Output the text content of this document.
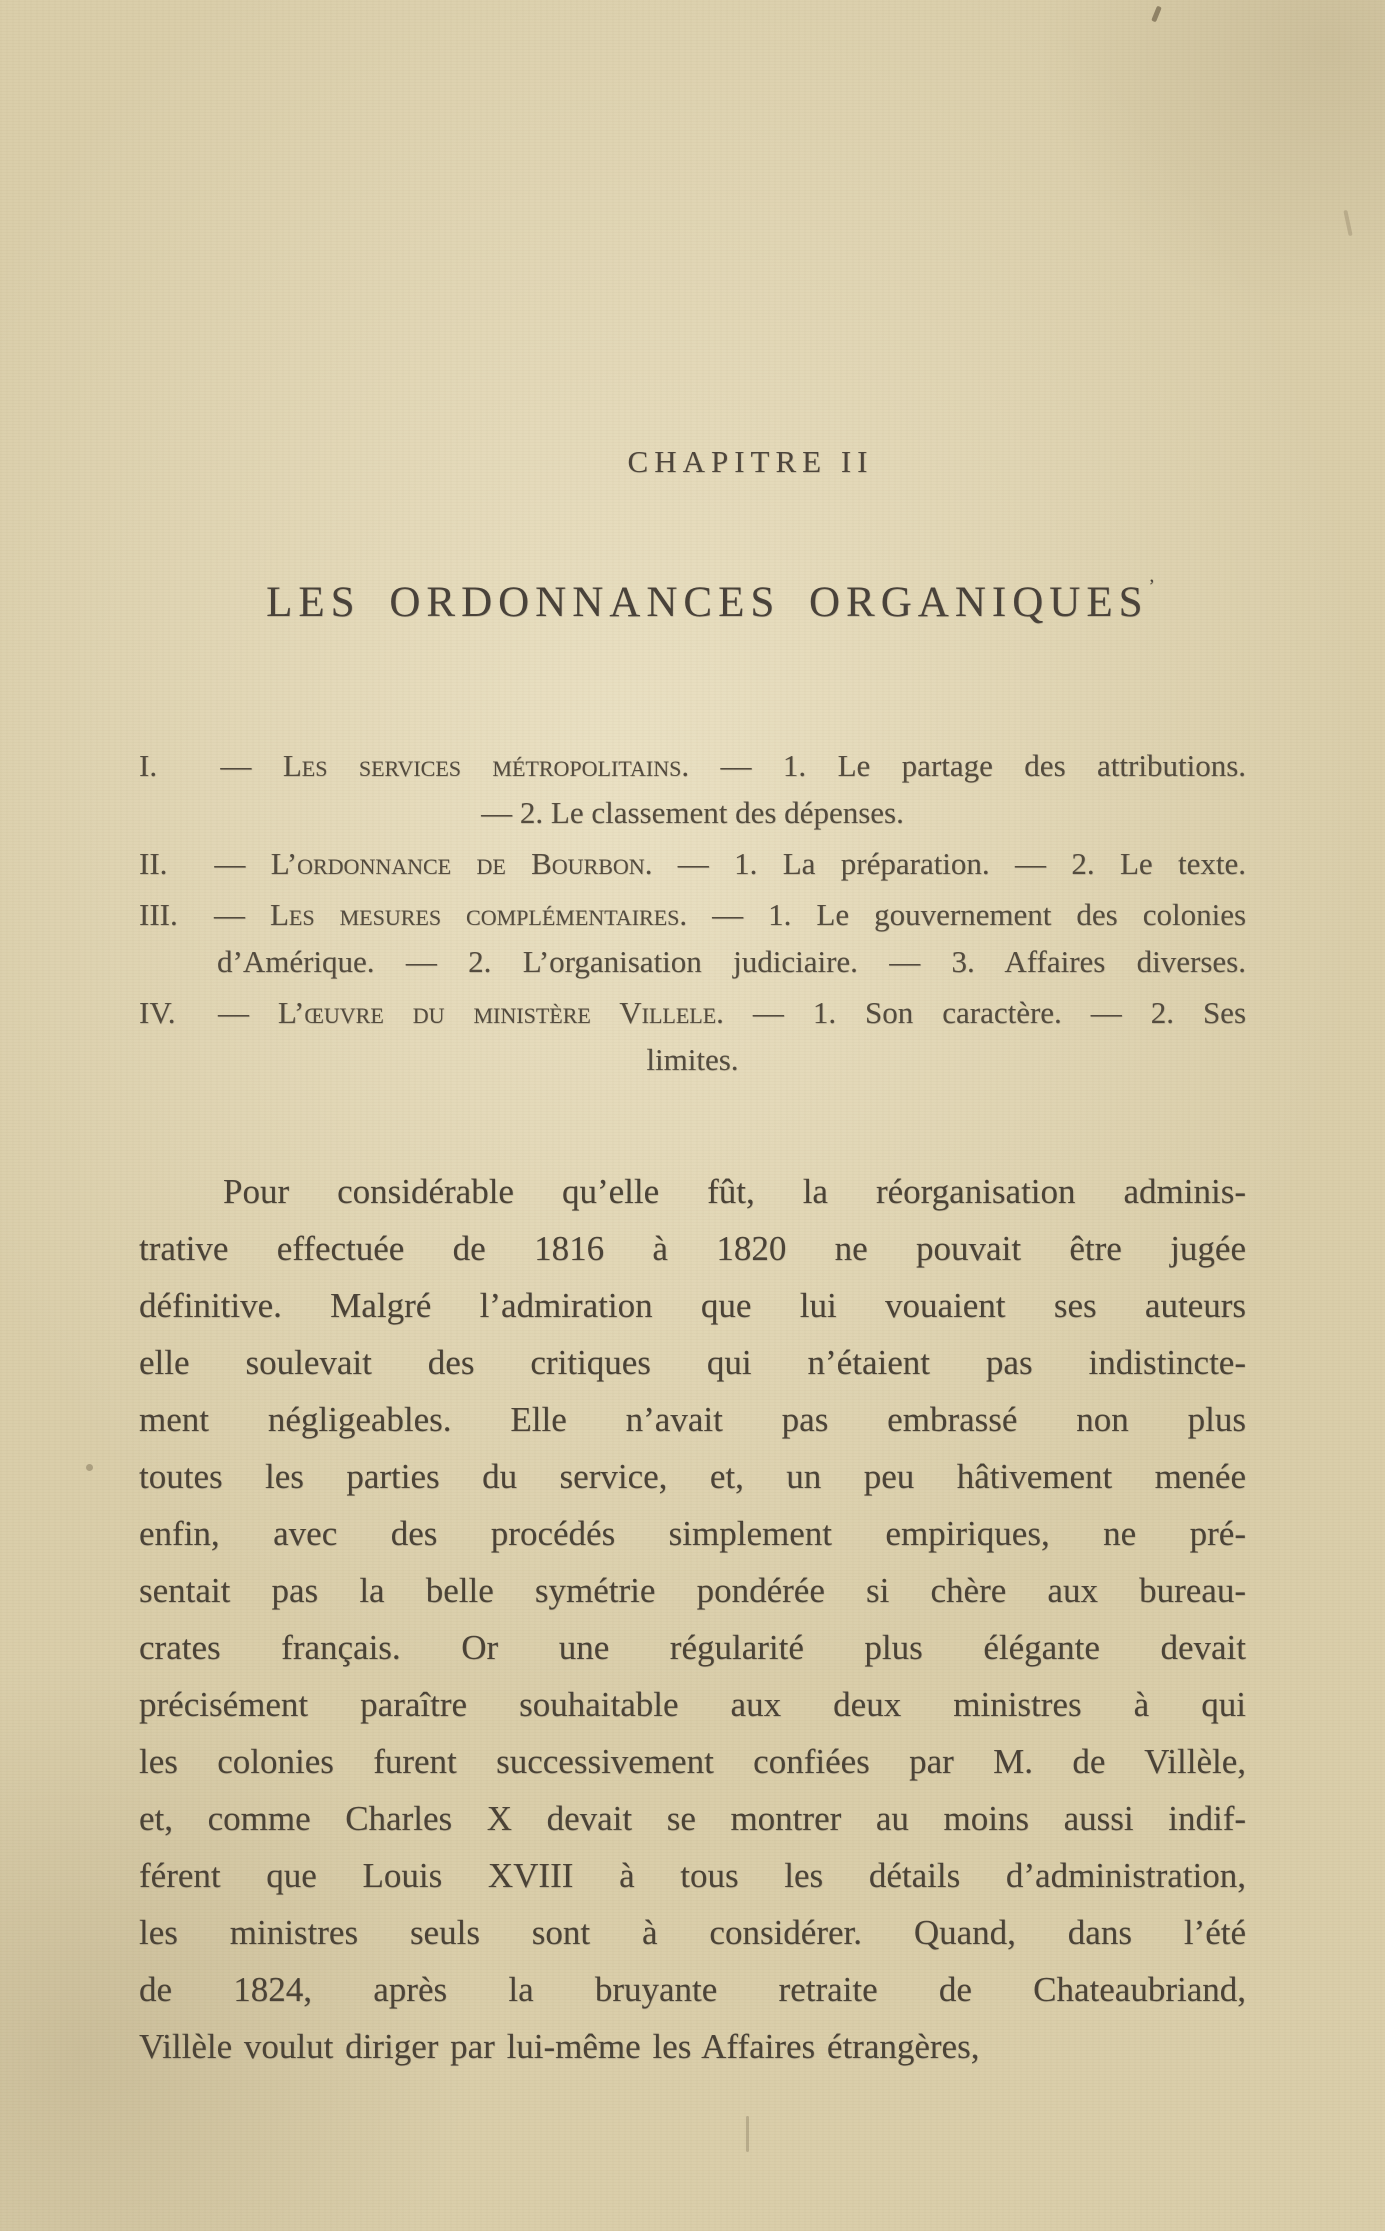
CHAPITRE II
LES ORDONNANCES ORGANIQUES’
I. — Les services métropolitains. — 1. Le partage des attributions.
— 2. Le classement des dépenses.
II. — L’ordonnance de Bourbon. — 1. La préparation. — 2. Le texte.
III. — Les mesures complémentaires. — 1. Le gouvernement des colonies
d’Amérique. — 2. L’organisation judiciaire. — 3. Affaires diverses.
IV. — L’œuvre du ministère Villele. — 1. Son caractère. — 2. Ses
limites.
Pour considérable qu’elle fût, la réorganisation adminis-
trative effectuée de 1816 à 1820 ne pouvait être jugée
définitive. Malgré l’admiration que lui vouaient ses auteurs
elle soulevait des critiques qui n’étaient pas indistincte-
ment négligeables. Elle n’avait pas embrassé non plus
toutes les parties du service, et, un peu hâtivement menée
enfin, avec des procédés simplement empiriques, ne pré-
sentait pas la belle symétrie pondérée si chère aux bureau-
crates français. Or une régularité plus élégante devait
précisément paraître souhaitable aux deux ministres à qui
les colonies furent successivement confiées par M. de Villèle,
et, comme Charles X devait se montrer au moins aussi indif-
férent que Louis XVIII à tous les détails d’administration,
les ministres seuls sont à considérer. Quand, dans l’été
de 1824, après la bruyante retraite de Chateaubriand,
Villèle voulut diriger par lui-même les Affaires étrangères,
